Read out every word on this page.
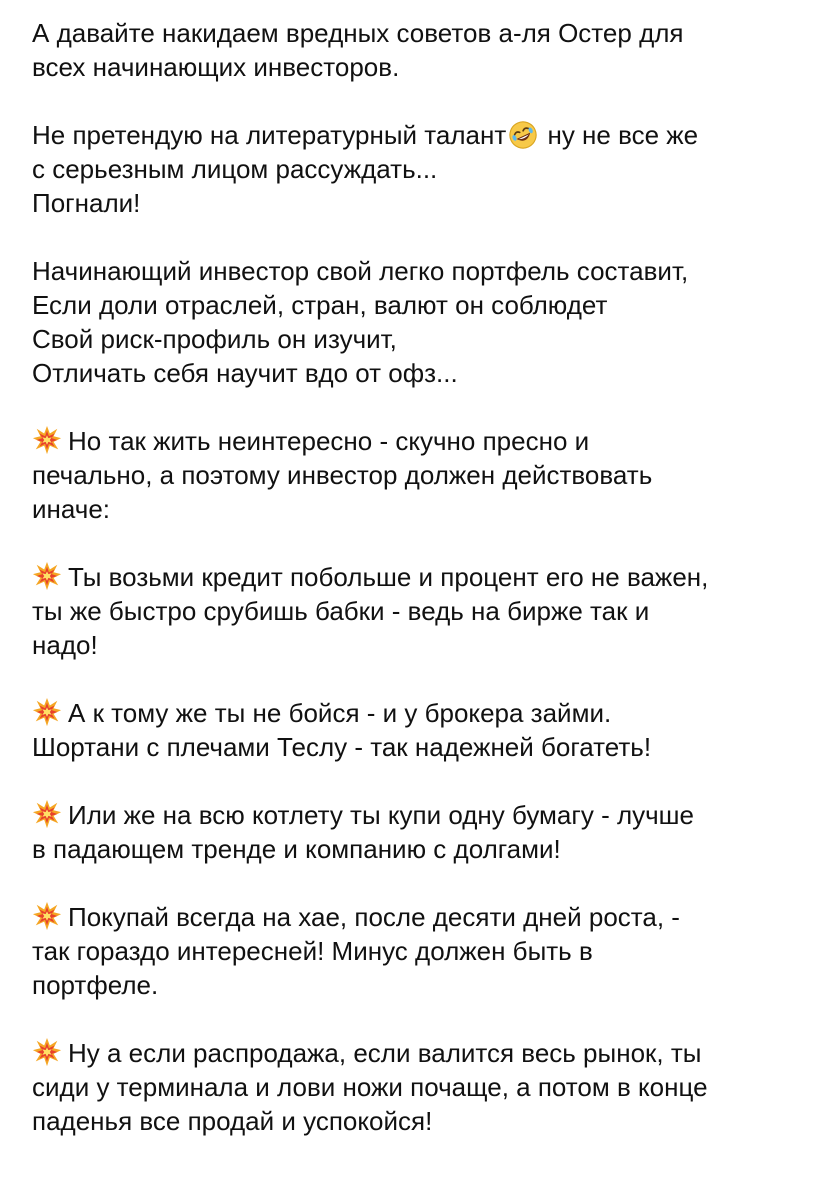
А давайте накидаем вредных советов а-ля Остер для
всех начинающих инвесторов.
Не претендую на литературный талант
ну не все же
с серьезным лицом рассуждать...
Погнали!
Начинающий инвестор свой легко портфель составит,
Если доли отраслей, стран, валют он соблюдет
Свой риск-профиль он изучит,
Отличать себя научит вдо от офз...
Но так жить неинтересно - скучно пресно и
печально, а поэтому инвестор должен действовать
иначе:
Ты возьми кредит побольше и процент его не важен,
ты же быстро срубишь бабки - ведь на бирже так и
надо!
А к тому же ты не бойся - и у брокера займи.
Шортани с плечами Теслу - так надежней богатеть!
Или же на всю котлету ты купи одну бумагу - лучше
в падающем тренде и компанию с долгами!
Покупай всегда на хае, после десяти дней роста, -
так гораздо интересней! Минус должен быть в
портфеле.
Ну а если распродажа, если валится весь рынок, ты
сиди у терминала и лови ножи почаще, а потом в конце
паденья все продай и успокойся!
